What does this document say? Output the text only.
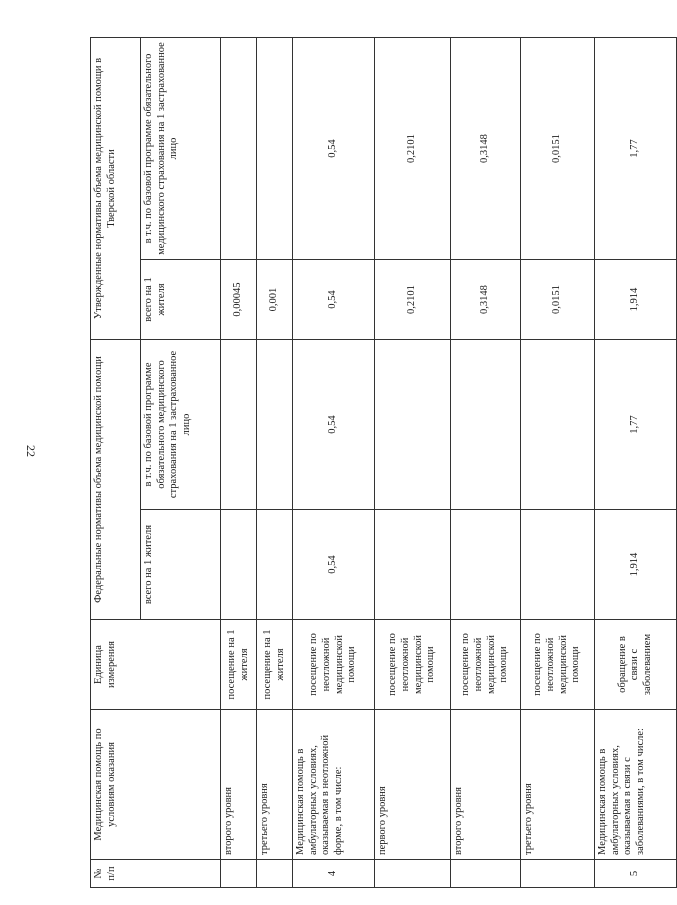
22
№ п/п	Медицинская помощь по условиям оказания	Единица измерения	Федеральные нормативы объема медицинской помощи		Утвержденные нормативы объема медицинской помощи в Тверской области	
			всего на 1 жителя	в т.ч. по базовой программе обязательного медицинского страхования на 1 застрахованное лицо	всего на 1 жителя	в т.ч. по базовой программе обязательного медицинского страхования на 1 застрахованное лицо
	второго уровня	посещение на 1 жителя			0,00045	
	третьего уровня	посещение на 1 жителя			0,001	
4	Медицинская помощь в амбулаторных условиях, оказываемая в неотложной форме, в том числе:	посещение по неотложной медицинской помощи	0,54	0,54	0,54	0,54
	первого уровня	посещение по неотложной медицинской помощи			0,2101	0,2101
	второго уровня	посещение по неотложной медицинской помощи			0,3148	0,3148
	третьего уровня	посещение по неотложной медицинской помощи			0,0151	0,0151
5	Медицинская помощь в амбулаторных условиях, оказываемая в связи с заболеваниями, в том числе:	обращение в связи с заболеванием	1,914	1,77	1,914	1,77
